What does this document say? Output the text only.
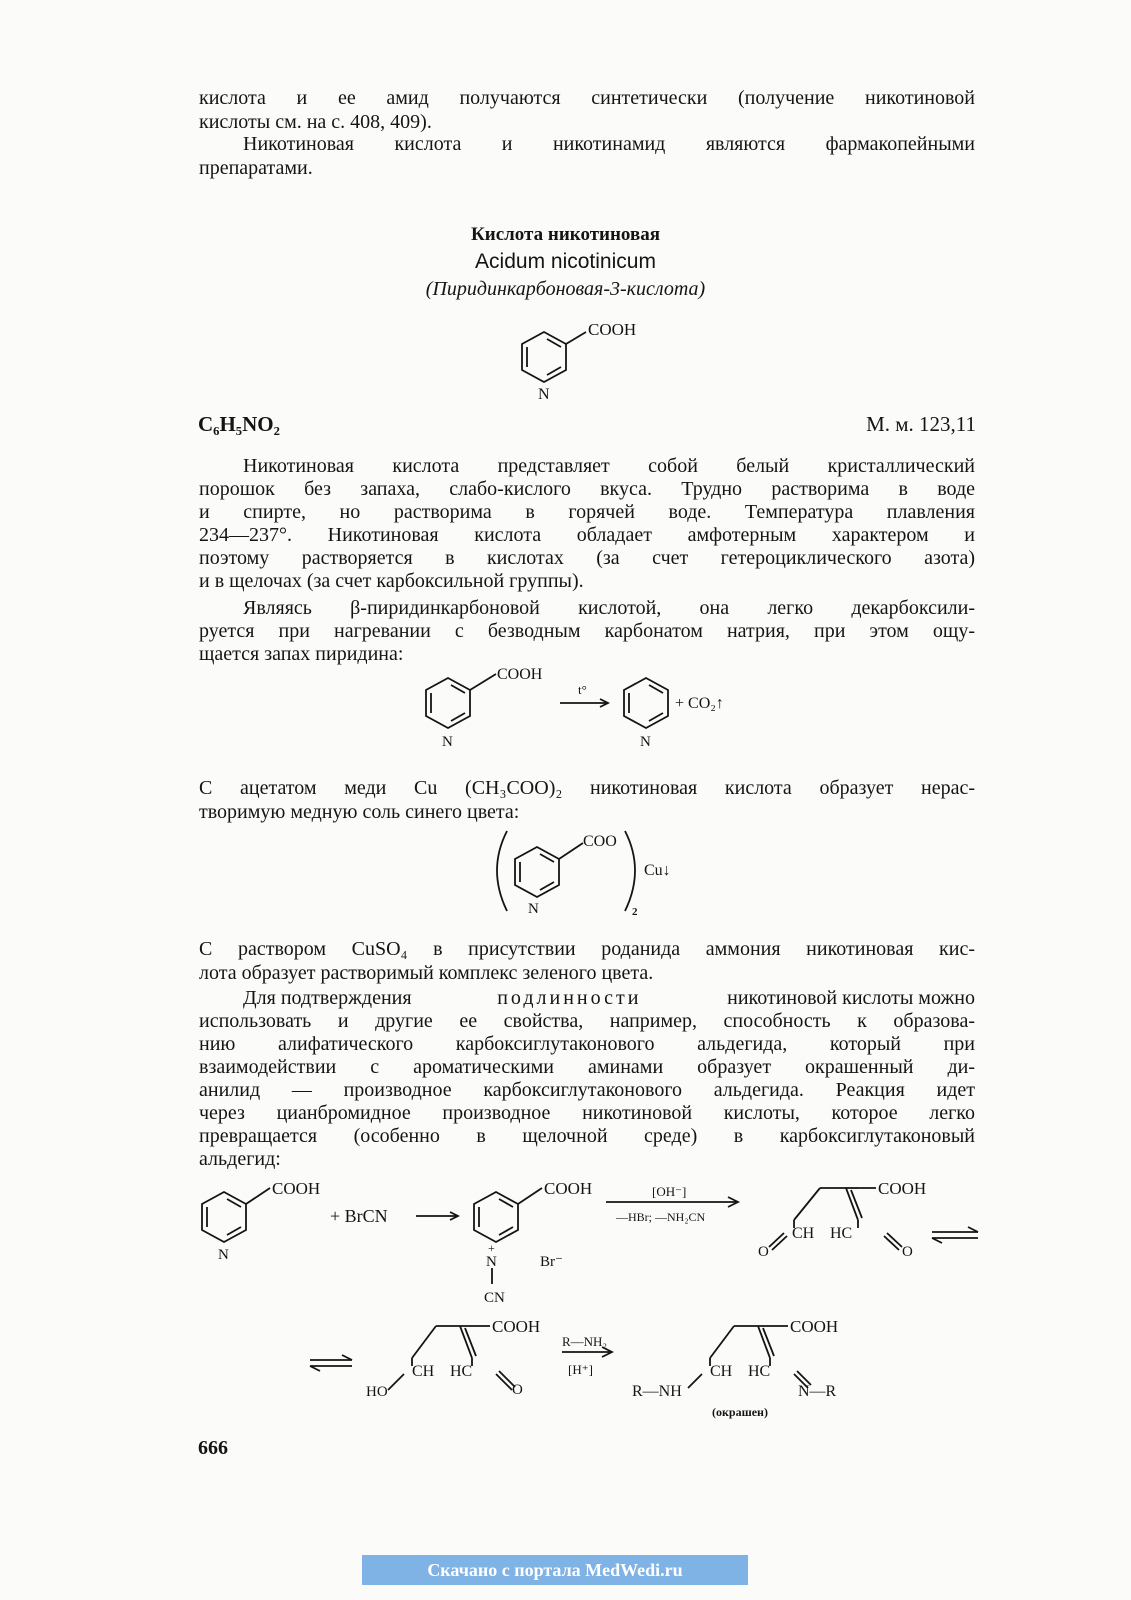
кислота и ее амид получаются синтетически (получение никотиновой
кислоты см. на с. 408, 409).
Никотиновая кислота и никотинамид являются фармакопейными
препаратами.
Кислота никотиновая
Acidum nicotinicum
(Пиридинкарбоновая-3-кислота)
COOH
N
C₆H₅NO₂	М. м. 123,11
Никотиновая кислота представляет собой белый кристаллический
порошок без запаха, слабо-кислого вкуса. Трудно растворима в воде
и спирте, но растворима в горячей воде. Температура плавления
234—237°. Никотиновая кислота обладает амфотерным характером и
поэтому растворяется в кислотах (за счет гетероциклического азота)
и в щелочах (за счет карбоксильной группы).
Являясь β-пиридинкарбоновой кислотой, она легко декарбоксили-
руется при нагревании с безводным карбонатом натрия, при этом ощу-
щается запах пиридина:
COOH
N
t°
N
+ CO₂↑
С ацетатом меди Cu (CH₃COO)₂ никотиновая кислота образует нерас-
творимую медную соль синего цвета:
COO
N
Cu↓
2
С раствором CuSO₄ в присутствии роданида аммония никотиновая кис-
лота образует растворимый комплекс зеленого цвета.
Для подтверждения	подлинности	никотиновой кислоты можно
использовать и другие ее свойства, например, способность к образова-
нию алифатического карбоксиглутаконового альдегида, который при
взаимодействии с ароматическими аминами образует окрашенный ди-
анилид — производное карбоксиглутаконового альдегида. Реакция идет
через цианбромидное производное никотиновой кислоты, которое легко
превращается (особенно в щелочной среде) в карбоксиглутаконовый
альдегид:
COOH
N
+ BrCN
COOH
+
N	Br⁻
CN
[OH⁻]
—HBr; —NH₂CN
COOH
CH HC
O	O
COOH
CH HC
HO	O
R—NH₂
[H⁺]
COOH
CH HC
R—NH	N—R
(окрашен)
666
Скачано с портала MedWedi.ru
